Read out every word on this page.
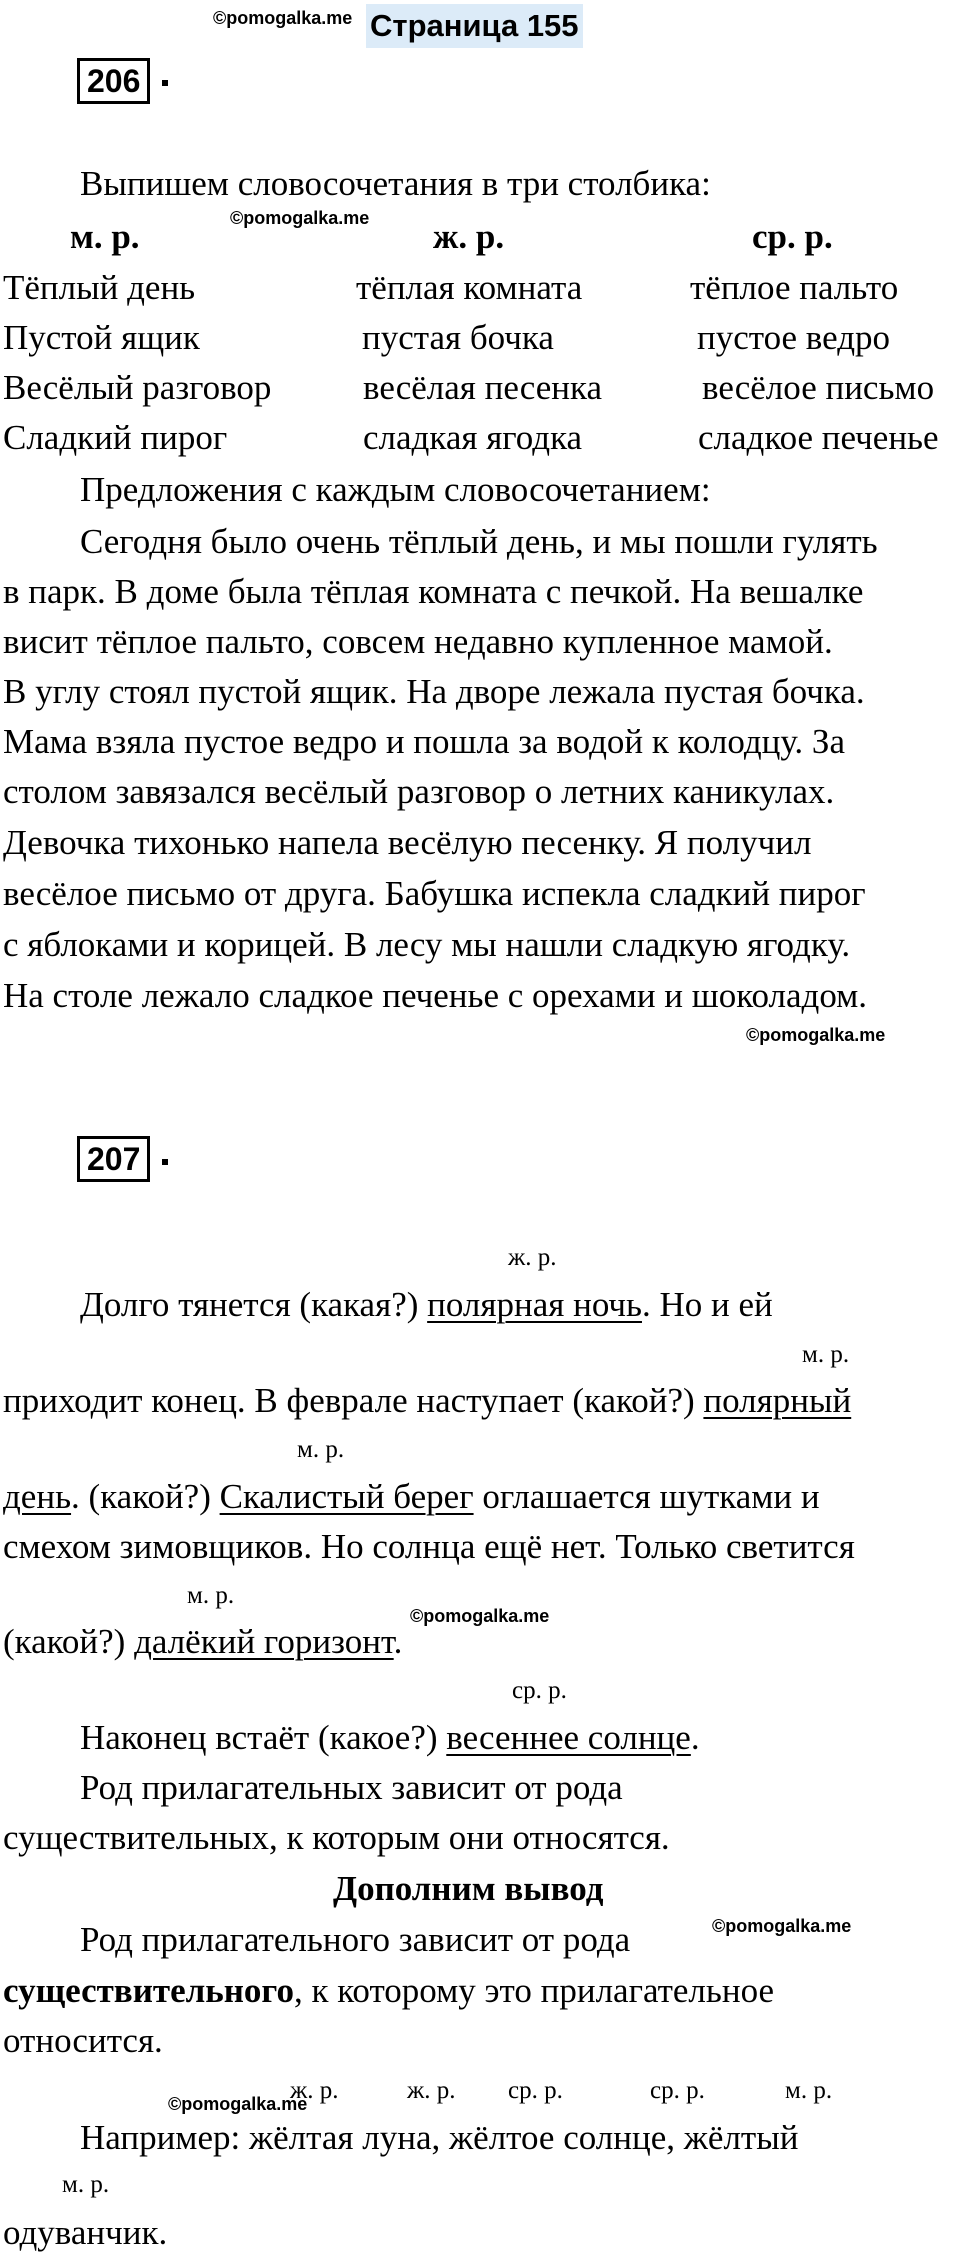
©pomogalka.me Страница 155
206
Выпишем словосочетания в три столбика:
©pomogalka.me
м. р.	ж. р.	ср. р.
Тёплый день	тёплая комната	тёплое пальто
Пустой ящик	пустая бочка	пустое ведро
Весёлый разговор	весёлая песенка	весёлое письмо
Сладкий пирог	сладкая ягодка	сладкое печенье
Предложения с каждым словосочетанием:
Сегодня было очень тёплый день, и мы пошли гулять
в парк. В доме была тёплая комната с печкой. На вешалке
висит тёплое пальто, совсем недавно купленное мамой.
В углу стоял пустой ящик. На дворе лежала пустая бочка.
Мама взяла пустое ведро и пошла за водой к колодцу. За
столом завязался весёлый разговор о летних каникулах.
Девочка тихонько напела весёлую песенку. Я получил
весёлое письмо от друга. Бабушка испекла сладкий пирог
с яблоками и корицей. В лесу мы нашли сладкую ягодку.
На столе лежало сладкое печенье с орехами и шоколадом.
©pomogalka.me
207
ж. р.
Долго тянется (какая?) полярная ночь. Но и ей
м. р.
приходит конец. В феврале наступает (какой?) полярный
м. р.
день. (какой?) Скалистый берег оглашается шутками и
смехом зимовщиков. Но солнца ещё нет. Только светится
м. р.
©pomogalka.me
(какой?) далёкий горизонт.
ср. р.
Наконец встаёт (какое?) весеннее солнце.
Род прилагательных зависит от рода
существительных, к которым они относятся.
Дополним вывод
Род прилагательного зависит от рода	©pomogalka.me
существительного, к которому это прилагательное
относится.
ж. р.	ж. р. ср. р.	ср. р.	м. р.
©pomogalka.me
Например: жёлтая луна, жёлтое солнце, жёлтый
м. р.
одуванчик.
